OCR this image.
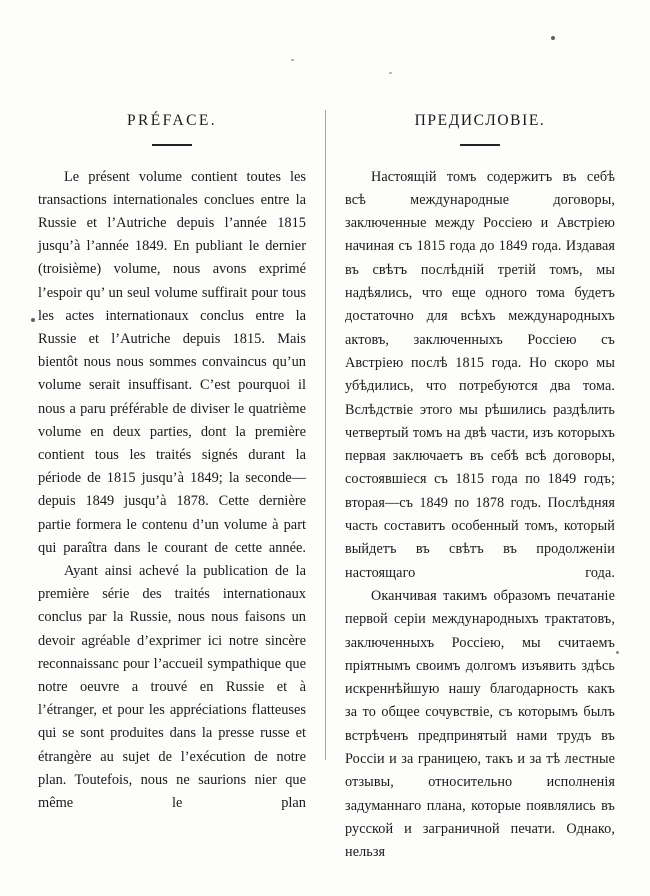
PRÉFACE.

Le présent volume contient toutes les transactions internationales conclues entre la Russie et l’Autriche depuis l’année 1815 jusqu’à l’année 1849. En publiant le dernier (troisième) volume, nous avons exprimé l’espoir qu’ un seul volume suffirait pour tous les actes internationaux conclus entre la Russie et l’Autriche depuis 1815. Mais bientôt nous nous sommes convaincus qu’un volume serait insuffisant. C’est pourquoi il nous a paru préférable de diviser le quatrième volume en deux parties, dont la première contient tous les traités signés durant la période de 1815 jusqu’à 1849; la seconde—depuis 1849 jusqu’à 1878. Cette dernière partie formera le contenu d’un volume à part qui paraîtra dans le courant de cette année.

Ayant ainsi achevé la publication de la première série des traités internationaux conclus par la Russie, nous nous faisons un devoir agréable d’exprimer ici notre sincère reconnaissanc pour l’accueil sympathique que notre oeuvre a trouvé en Russie et à l’étranger, et pour les appréciations flatteuses qui se sont produites dans la presse russe et étrangère au sujet de l’exécution de notre plan. Toutefois, nous ne saurions nier que même le plan

ПРЕДИСЛОВІЕ.

Настоящій томъ содержитъ въ себѣ всѣ международные договоры, заключенные между Россіею и Австріею начиная съ 1815 года до 1849 года. Издавая въ свѣтъ послѣдній третій томъ, мы надѣялись, что еще одного тома будетъ достаточно для всѣхъ международныхъ актовъ, заключенныхъ Россіею съ Австріею послѣ 1815 года. Но скоро мы убѣдились, что потребуются два тома. Вслѣдствіе этого мы рѣшились раздѣлить четвертый томъ на двѣ части, изъ которыхъ первая заключаетъ въ себѣ всѣ договоры, состоявшіеся съ 1815 года по 1849 годъ; вторая—съ 1849 по 1878 годъ. Послѣдняя часть составитъ особенный томъ, который выйдетъ въ свѣтъ въ продолженіи настоящаго года.

Оканчивая такимъ образомъ печатаніе первой серіи международныхъ трактатовъ, заключенныхъ Россіею, мы считаемъ пріятнымъ своимъ долгомъ изъявить здѣсь искреннѣйшую нашу благодарность какъ за то общее сочувствіе, съ которымъ былъ встрѣченъ предпринятый нами трудъ въ Россіи и за границею, такъ и за тѣ лестные отзывы, относительно исполненія задуманнаго плана, которые появлялись въ русской и заграничной печати. Однако, нельзя
